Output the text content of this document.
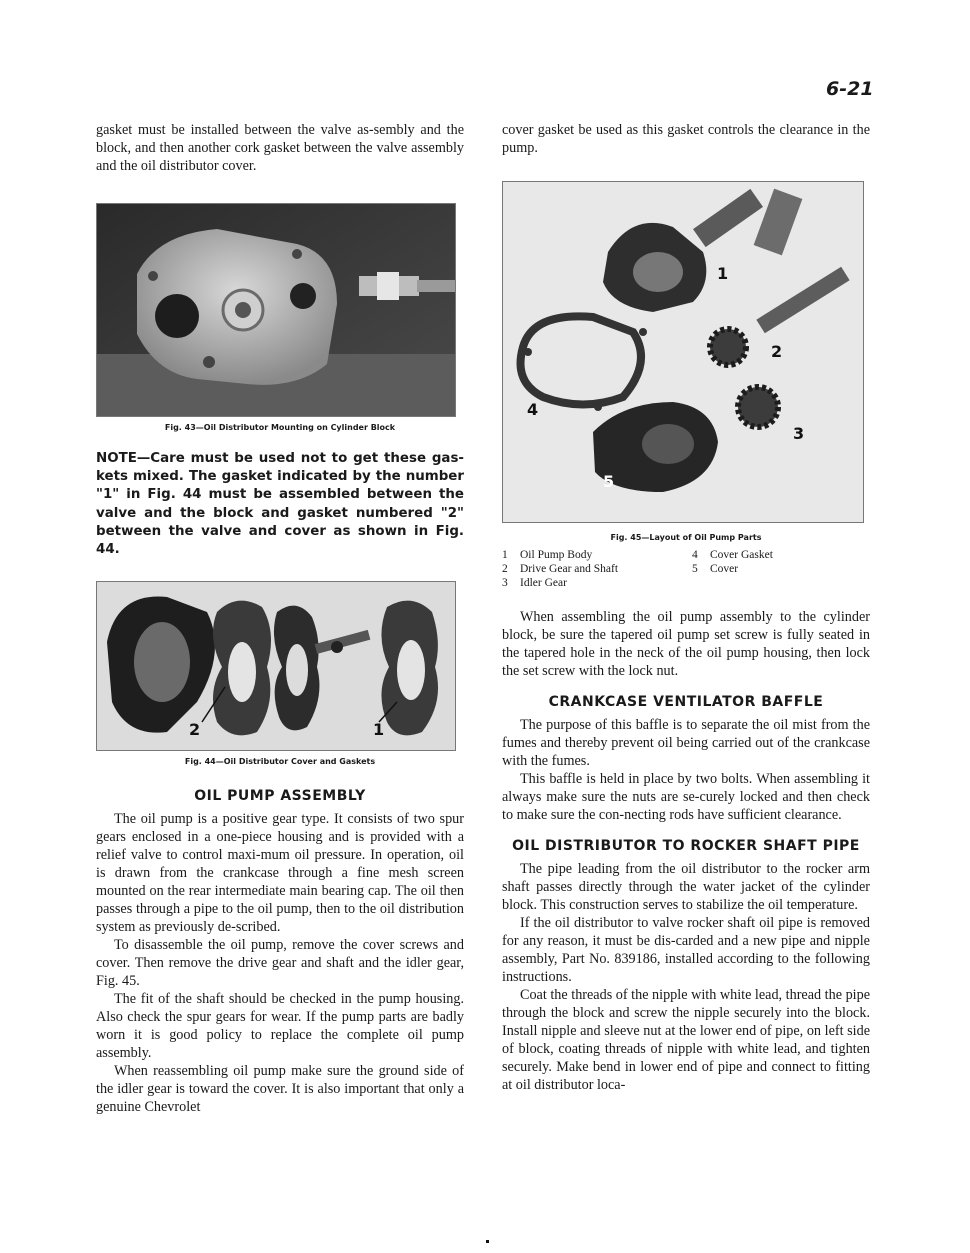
6-21

gasket must be installed between the valve as-sembly and the block, and then another cork gasket between the valve assembly and the oil distributor cover.

Fig. 43—Oil Distributor Mounting on Cylinder Block
NOTE—Care must be used not to get these gas-kets mixed. The gasket indicated by the number "1" in Fig. 44 must be assembled between the valve and the block and gasket numbered "2" between the valve and cover as shown in Fig. 44.
2	1
Fig. 44—Oil Distributor Cover and Gaskets
OIL PUMP ASSEMBLY

The oil pump is a positive gear type. It consists of two spur gears enclosed in a one-piece housing and is provided with a relief valve to control maxi-mum oil pressure. In operation, oil is drawn from the crankcase through a fine mesh screen mounted on the rear intermediate main bearing cap. The oil then passes through a pipe to the oil pump, then to the oil distribution system as previously de-scribed.

To disassemble the oil pump, remove the cover screws and cover. Then remove the drive gear and shaft and the idler gear, Fig. 45.

The fit of the shaft should be checked in the pump housing. Also check the spur gears for wear. If the pump parts are badly worn it is good policy to replace the complete oil pump assembly.

When reassembling oil pump make sure the ground side of the idler gear is toward the cover. It is also important that only a genuine Chevrolet

cover gasket be used as this gasket controls the clearance in the pump.

1
2
3
4
5
Fig. 45—Layout of Oil Pump Parts
1 Oil Pump Body	4 Cover Gasket
2 Drive Gear and Shaft	5 Cover
3 Idler Gear

When assembling the oil pump assembly to the cylinder block, be sure the tapered oil pump set screw is fully seated in the tapered hole in the neck of the oil pump housing, then lock the set screw with the lock nut.

CRANKCASE VENTILATOR BAFFLE

The purpose of this baffle is to separate the oil mist from the fumes and thereby prevent oil being carried out of the crankcase with the fumes.

This baffle is held in place by two bolts. When assembling it always make sure the nuts are se-curely locked and then check to make sure the con-necting rods have sufficient clearance.

OIL DISTRIBUTOR TO ROCKER SHAFT PIPE

The pipe leading from the oil distributor to the rocker arm shaft passes directly through the water jacket of the cylinder block. This construction serves to stabilize the oil temperature.

If the oil distributor to valve rocker shaft oil pipe is removed for any reason, it must be dis-carded and a new pipe and nipple assembly, Part No. 839186, installed according to the following instructions.

Coat the threads of the nipple with white lead, thread the pipe through the block and screw the nipple securely into the block. Install nipple and sleeve nut at the lower end of pipe, on left side of block, coating threads of nipple with white lead, and tighten securely. Make bend in lower end of pipe and connect to fitting at oil distributor loca-
